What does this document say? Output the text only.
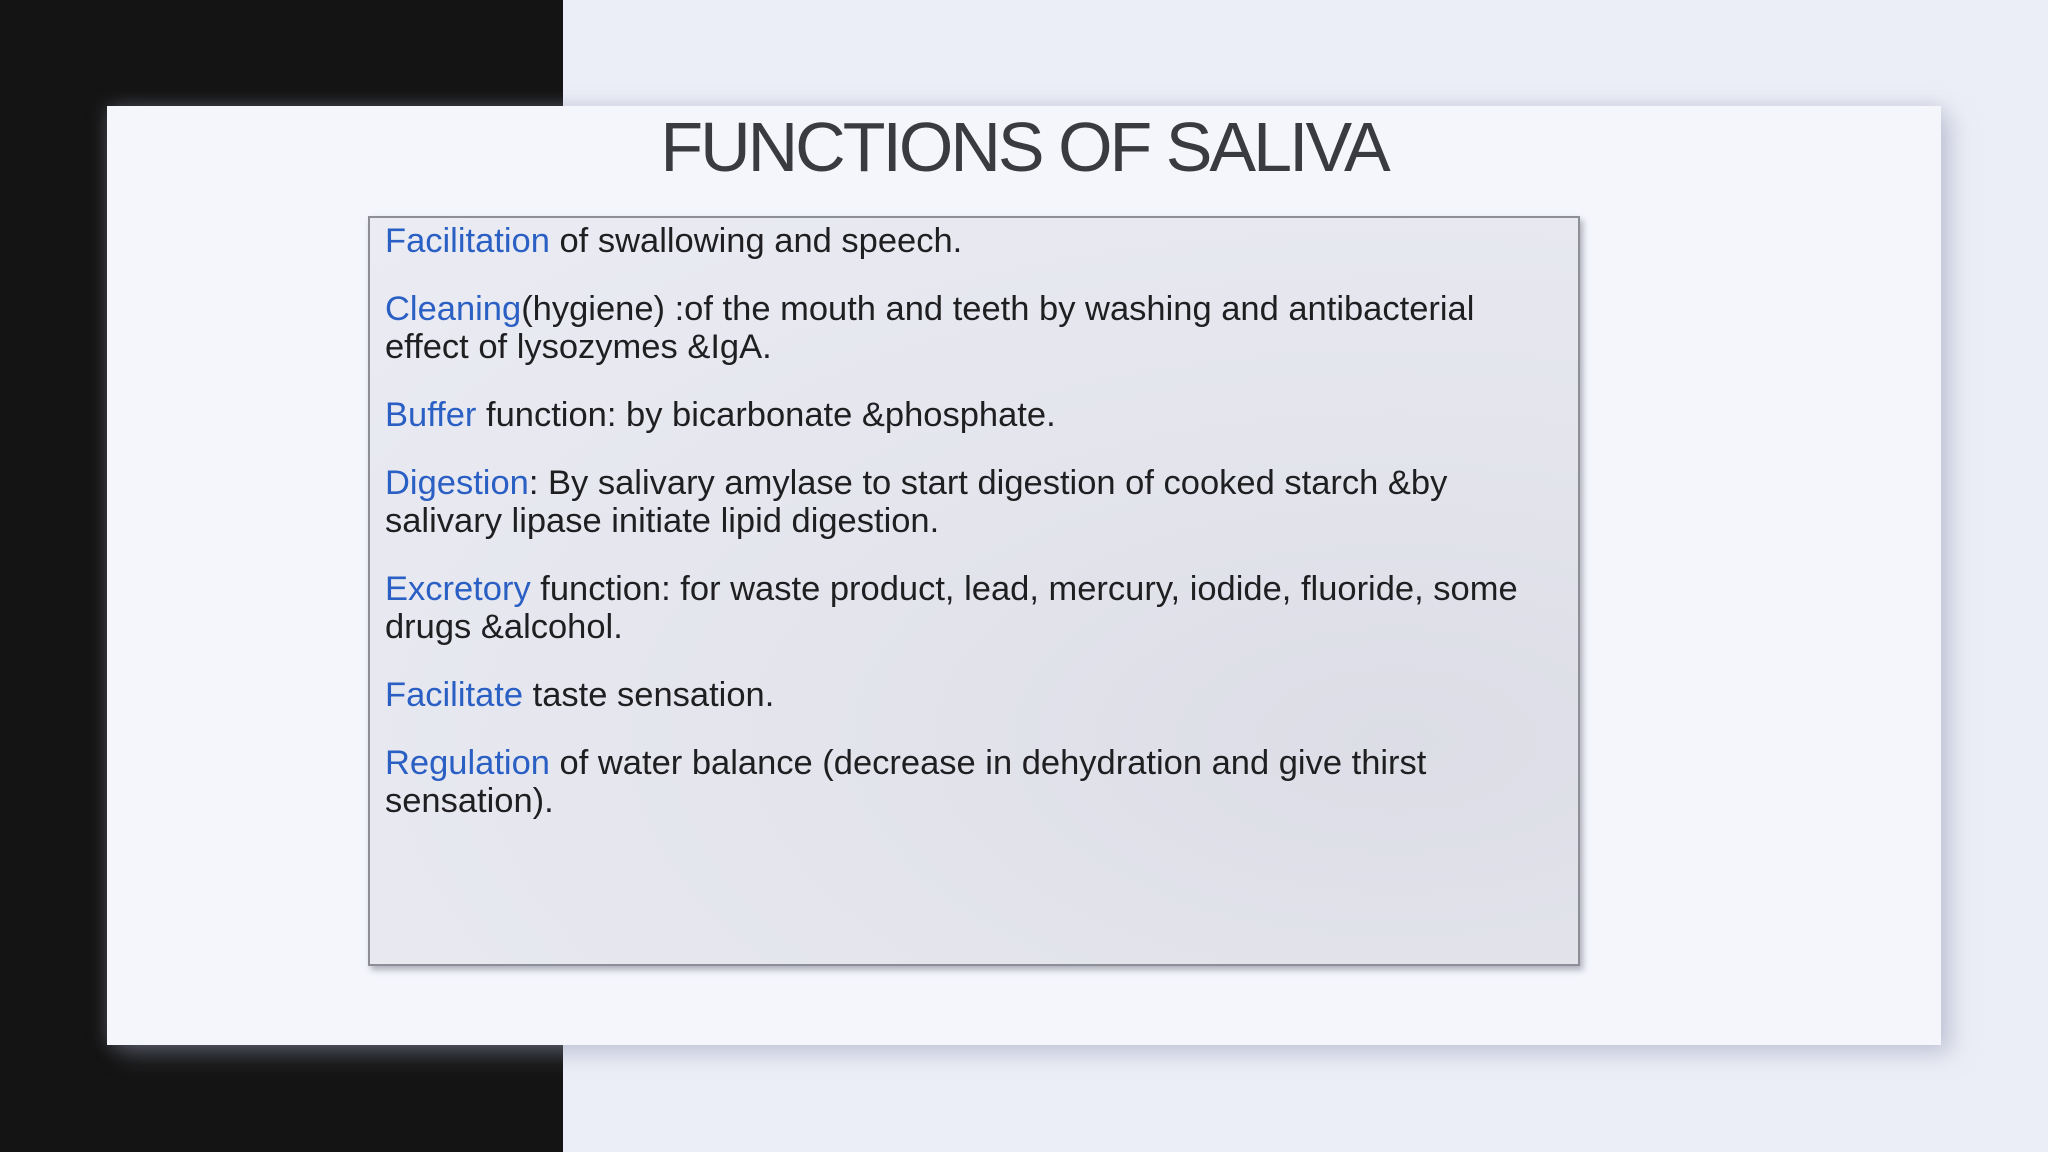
FUNCTIONS OF SALIVA

Facilitation of swallowing and speech.

Cleaning(hygiene) :of the mouth and teeth by washing and antibacterial effect of lysozymes &IgA.

Buffer function: by bicarbonate &phosphate.

Digestion: By salivary amylase to start digestion of cooked starch &by salivary lipase initiate lipid digestion.

Excretory function: for waste product, lead, mercury, iodide, fluoride, some drugs &alcohol.

Facilitate taste sensation.

Regulation of water balance (decrease in dehydration and give thirst sensation).
